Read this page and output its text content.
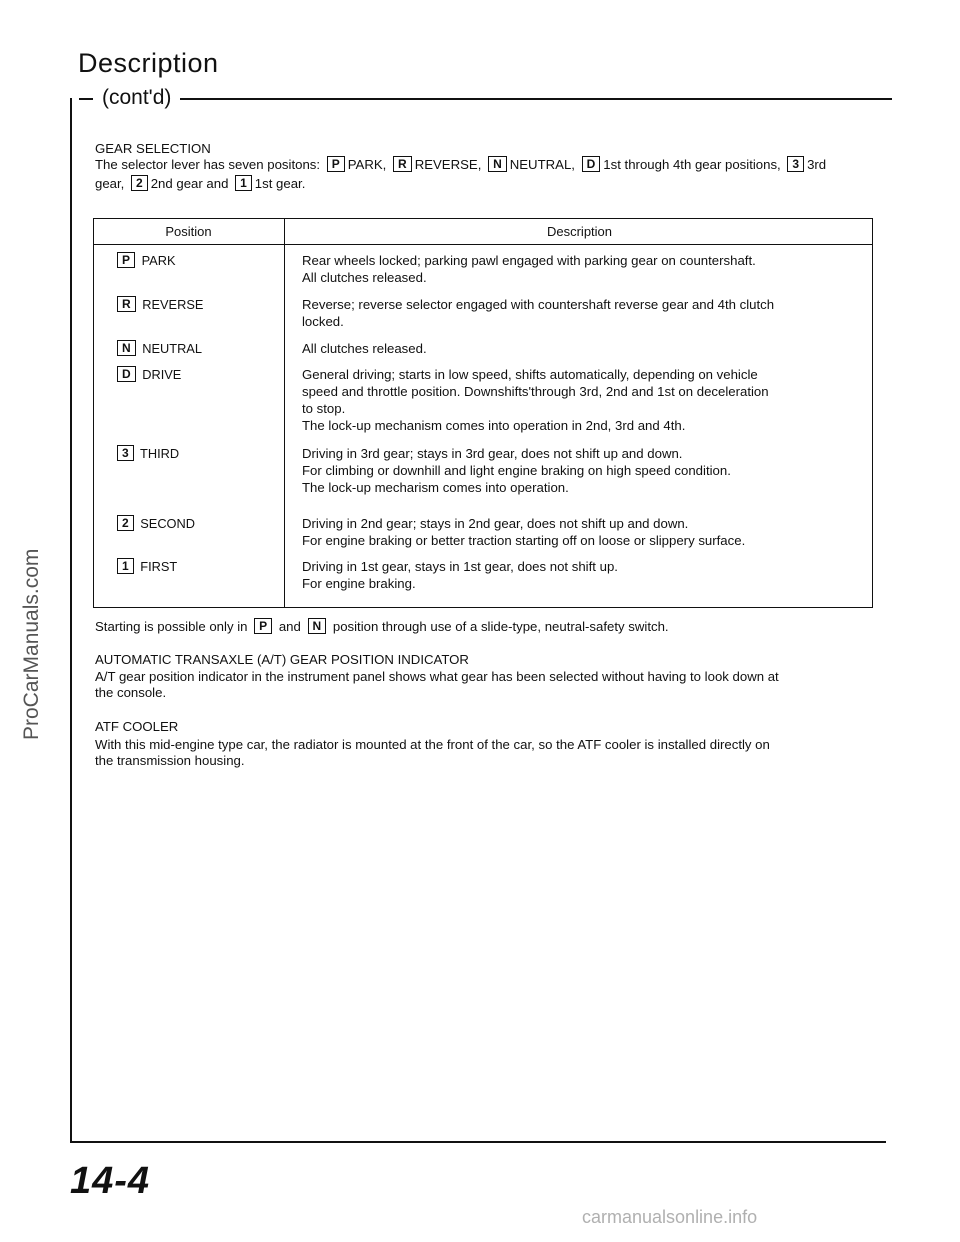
Description
(cont'd)
GEAR SELECTION
The selector lever has seven positons: P PARK, R REVERSE, N NEUTRAL, D 1st through 4th gear positions, 3 3rd
gear, 2 2nd gear and 1 1st gear.
Position	Description
P PARK	Rear wheels locked; parking pawl engaged with parking gear on countershaft.
All clutches released.
R REVERSE	Reverse; reverse selector engaged with countershaft reverse gear and 4th clutch
locked.
N NEUTRAL	All clutches released.
D DRIVE	General driving; starts in low speed, shifts automatically, depending on vehicle
speed and throttle position. Downshifts'through 3rd, 2nd and 1st on deceleration
to stop.
The lock-up mechanism comes into operation in 2nd, 3rd and 4th.
3 THIRD	Driving in 3rd gear; stays in 3rd gear, does not shift up and down.
For climbing or downhill and light engine braking on high speed condition.
The lock-up mecharism comes into operation.
2 SECOND	Driving in 2nd gear; stays in 2nd gear, does not shift up and down.
For engine braking or better traction starting off on loose or slippery surface.
1 FIRST	Driving in 1st gear, stays in 1st gear, does not shift up.
For engine braking.
Starting is possible only in P and N position through use of a slide-type, neutral-safety switch.
AUTOMATIC TRANSAXLE (A/T) GEAR POSITION INDICATOR
A/T gear position indicator in the instrument panel shows what gear has been selected without having to look down at
the console.
ATF COOLER
With this mid-engine type car, the radiator is mounted at the front of the car, so the ATF cooler is installed directly on
the transmission housing.
14-4
ProCarManuals.com
carmanualsonline.info
